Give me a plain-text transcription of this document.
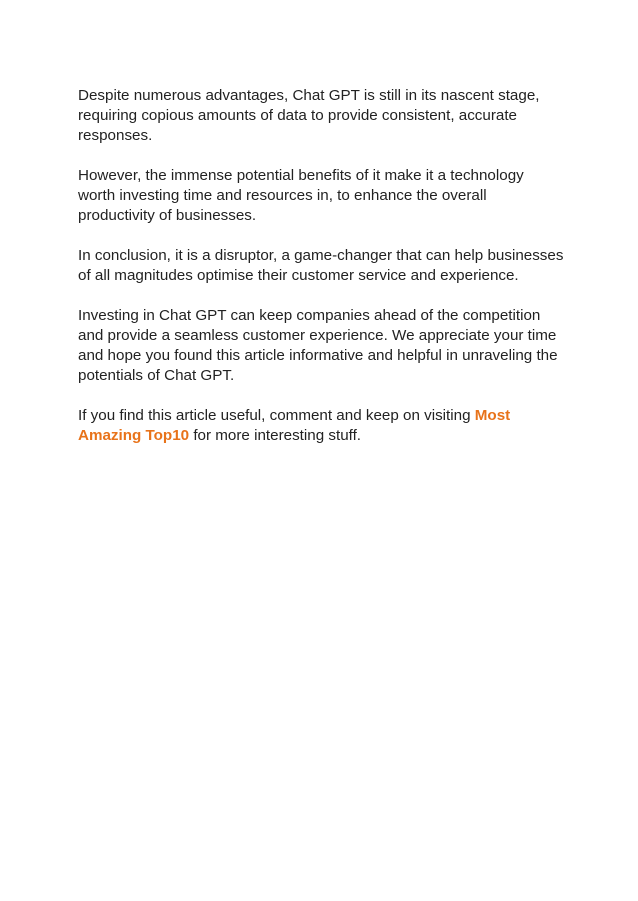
Despite numerous advantages, Chat GPT is still in its nascent stage, requiring copious amounts of data to provide consistent, accurate responses.

However, the immense potential benefits of it make it a technology worth investing time and resources in, to enhance the overall productivity of businesses.

In conclusion, it is a disruptor, a game-changer that can help businesses of all magnitudes optimise their customer service and experience.

Investing in Chat GPT can keep companies ahead of the competition and provide a seamless customer experience. We appreciate your time and hope you found this article informative and helpful in unraveling the potentials of Chat GPT.

If you find this article useful, comment and keep on visiting Most Amazing Top10 for more interesting stuff.
